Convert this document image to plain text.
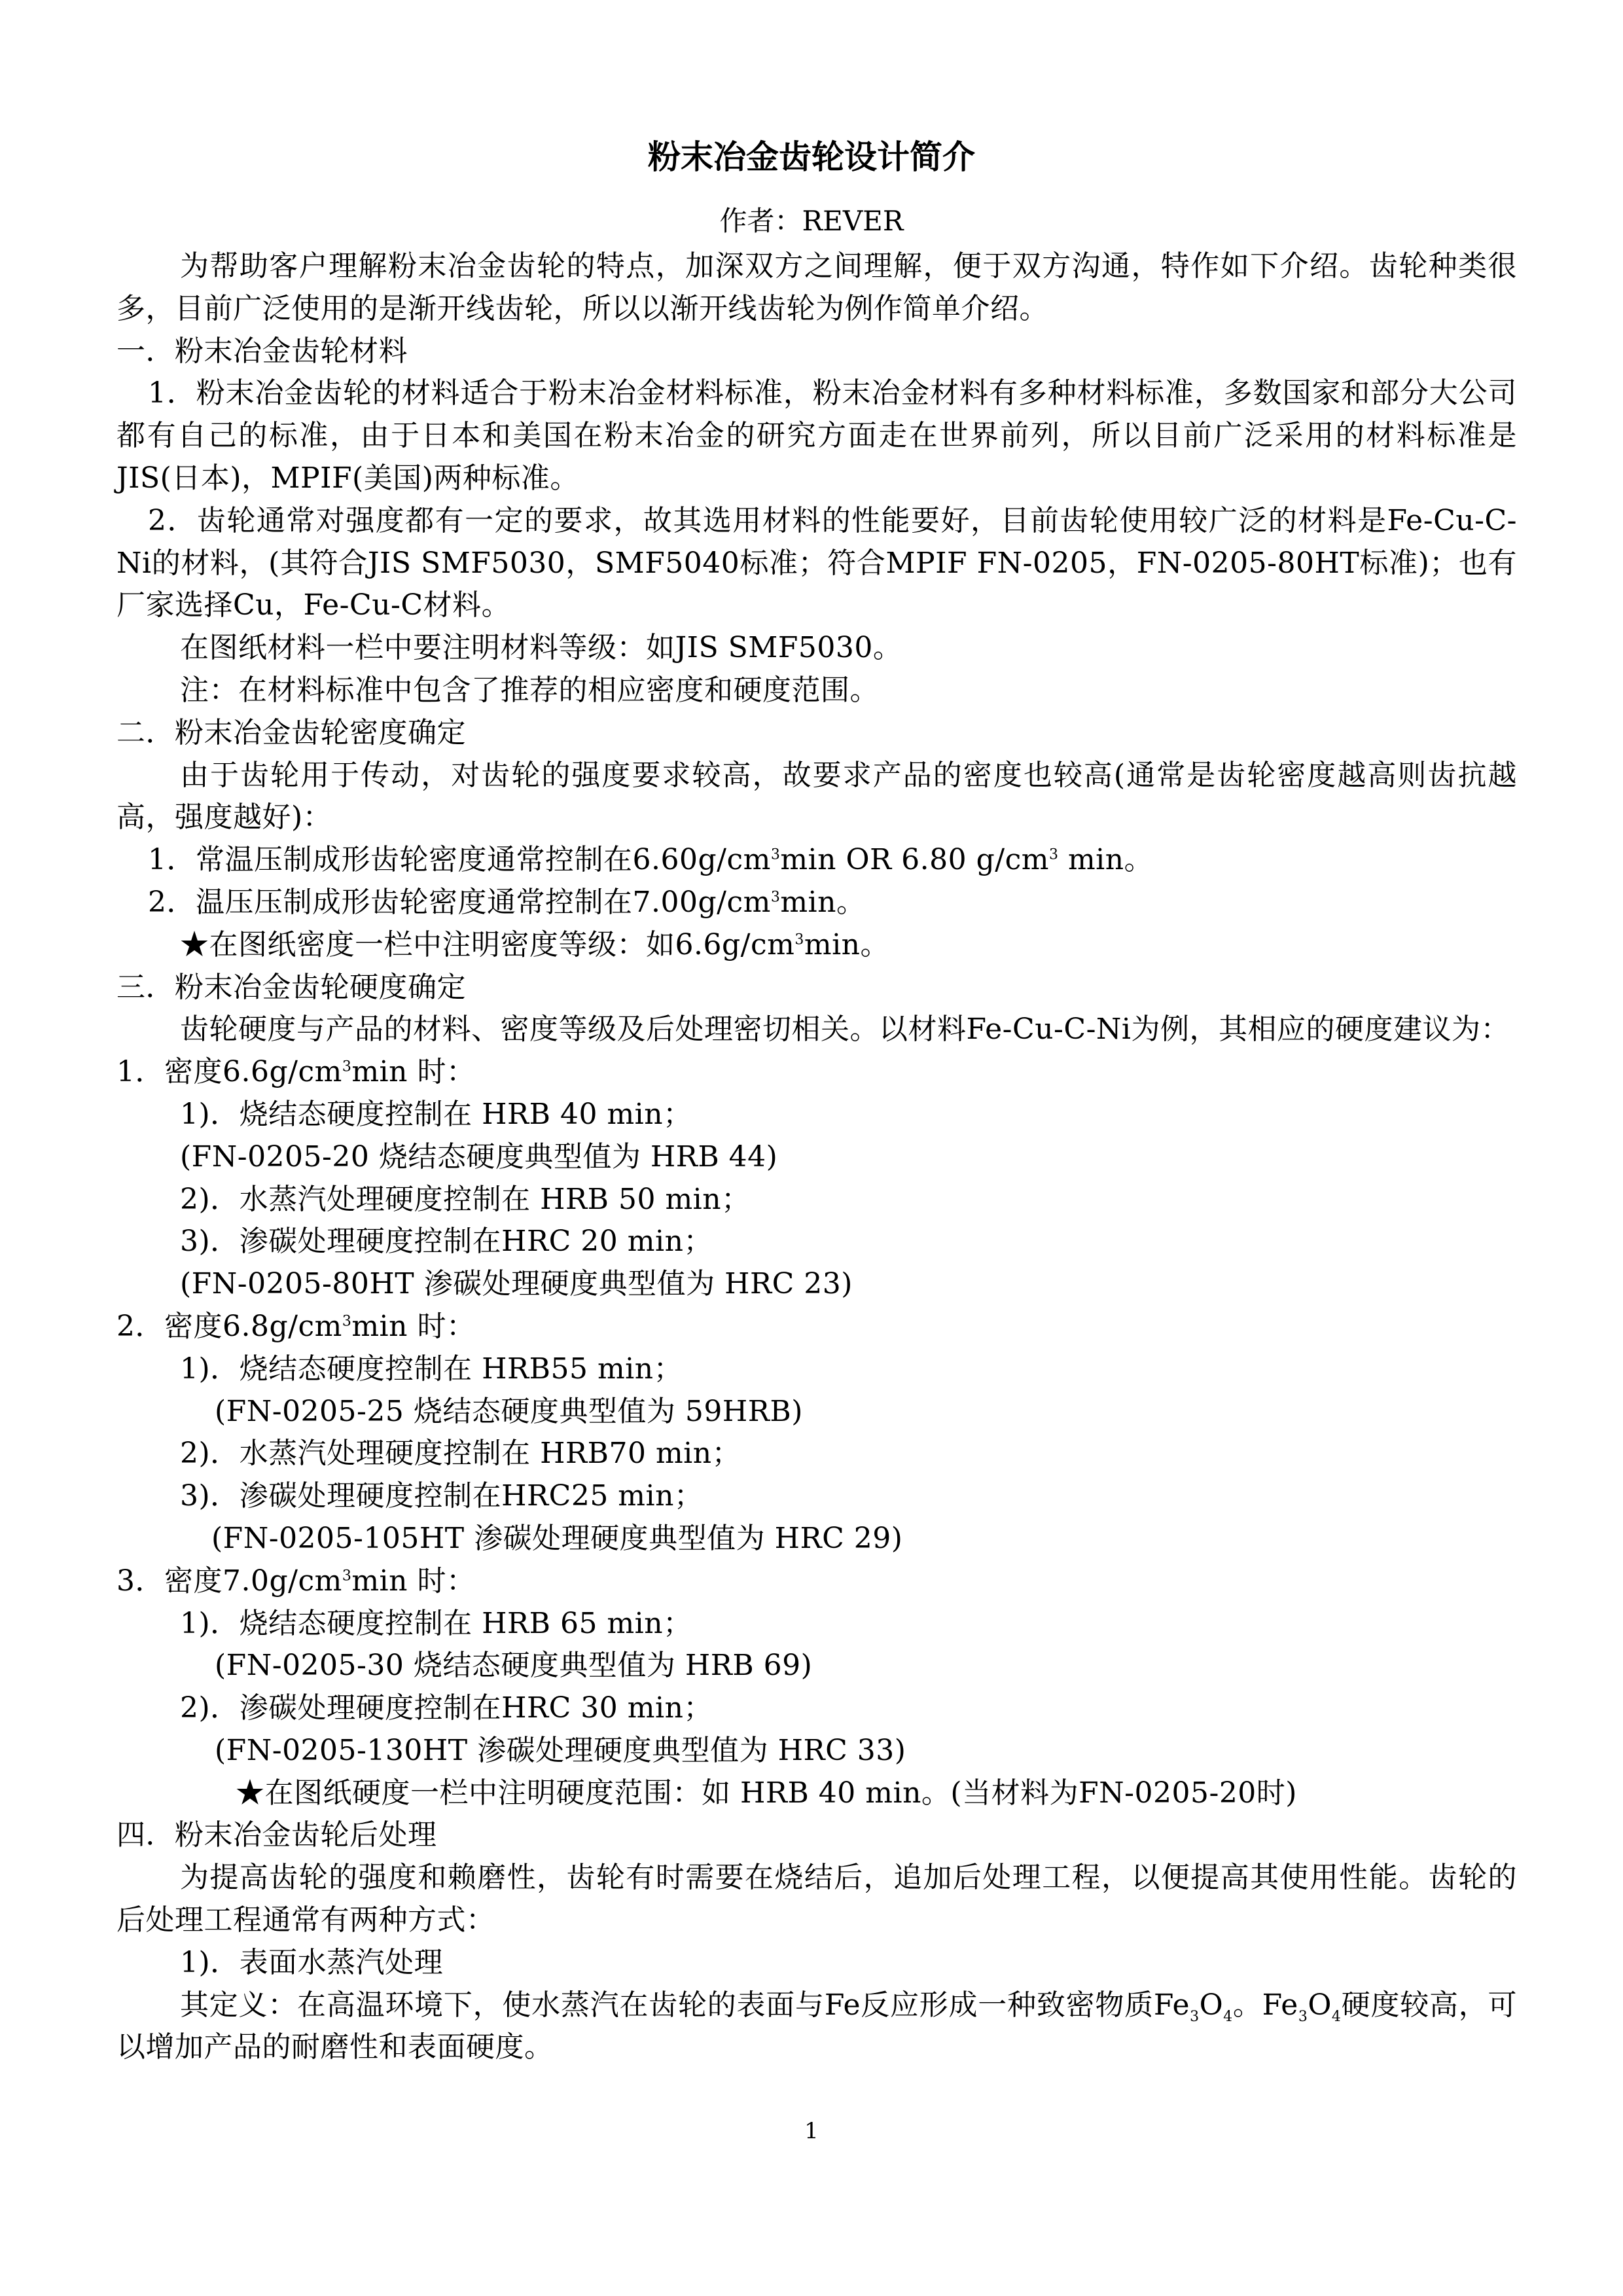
粉末冶金齿轮设计简介
作者：REVER

为帮助客户理解粉末冶金齿轮的特点，加深双方之间理解，便于双方沟通，特作如下介绍。齿轮种类很多，目前广泛使用的是渐开线齿轮，所以以渐开线齿轮为例作简单介绍。

一．粉末冶金齿轮材料

1．粉末冶金齿轮的材料适合于粉末冶金材料标准，粉末冶金材料有多种材料标准，多数国家和部分大公司都有自己的标准，由于日本和美国在粉末冶金的研究方面走在世界前列，所以目前广泛采用的材料标准是JIS(日本)，MPIF(美国)两种标准。

2．齿轮通常对强度都有一定的要求，故其选用材料的性能要好，目前齿轮使用较广泛的材料是Fe-Cu-C-Ni的材料，(其符合JIS SMF5030，SMF5040标准；符合MPIF FN-0205，FN-0205-80HT标准)；也有厂家选择Cu，Fe-Cu-C材料。

在图纸材料一栏中要注明材料等级：如JIS SMF5030。

注：在材料标准中包含了推荐的相应密度和硬度范围。

二．粉末冶金齿轮密度确定

由于齿轮用于传动，对齿轮的强度要求较高，故要求产品的密度也较高(通常是齿轮密度越高则齿抗越高，强度越好)：

1．常温压制成形齿轮密度通常控制在$6.60g/cm^3\min$ OR 6.80 $g/cm^3$ min。

2．温压压制成形齿轮密度通常控制在$7.00g/cm^3\min$。

★在图纸密度一栏中注明密度等级：如$6.6g/cm^3\min$。

三．粉末冶金齿轮硬度确定

齿轮硬度与产品的材料、密度等级及后处理密切相关。以材料Fe-Cu-C-Ni为例，其相应的硬度建议为：

1．密度$6.6g/cm^3\min$ 时：

1)．烧结态硬度控制在 HRB 40 min；

(FN-0205-20 烧结态硬度典型值为 HRB 44)

2)．水蒸汽处理硬度控制在 HRB 50 min；

3)．渗碳处理硬度控制在HRC 20 min；

(FN-0205-80HT 渗碳处理硬度典型值为 HRC 23)

2．密度$6.8g/cm^3\min$ 时：

1)．烧结态硬度控制在 HRB55 min；

(FN-0205-25 烧结态硬度典型值为 59HRB)

2)．水蒸汽处理硬度控制在 HRB70 min；

3)．渗碳处理硬度控制在HRC25 min；

(FN-0205-105HT 渗碳处理硬度典型值为 HRC 29)

3．密度$7.0g/cm^3\min$ 时：

1)．烧结态硬度控制在 HRB 65 min；

(FN-0205-30 烧结态硬度典型值为 HRB 69)

2)．渗碳处理硬度控制在HRC 30 min；

(FN-0205-130HT 渗碳处理硬度典型值为 HRC 33)

★在图纸硬度一栏中注明硬度范围：如 HRB 40 min。(当材料为FN-0205-20时)

四．粉末冶金齿轮后处理

为提高齿轮的强度和赖磨性，齿轮有时需要在烧结后，追加后处理工程，以便提高其使用性能。齿轮的后处理工程通常有两种方式：

1)．表面水蒸汽处理

其定义：在高温环境下，使水蒸汽在齿轮的表面与Fe反应形成一种致密物质$Fe_3O_4$。$Fe_3O_4$硬度较高，可以增加产品的耐磨性和表面硬度。

1
